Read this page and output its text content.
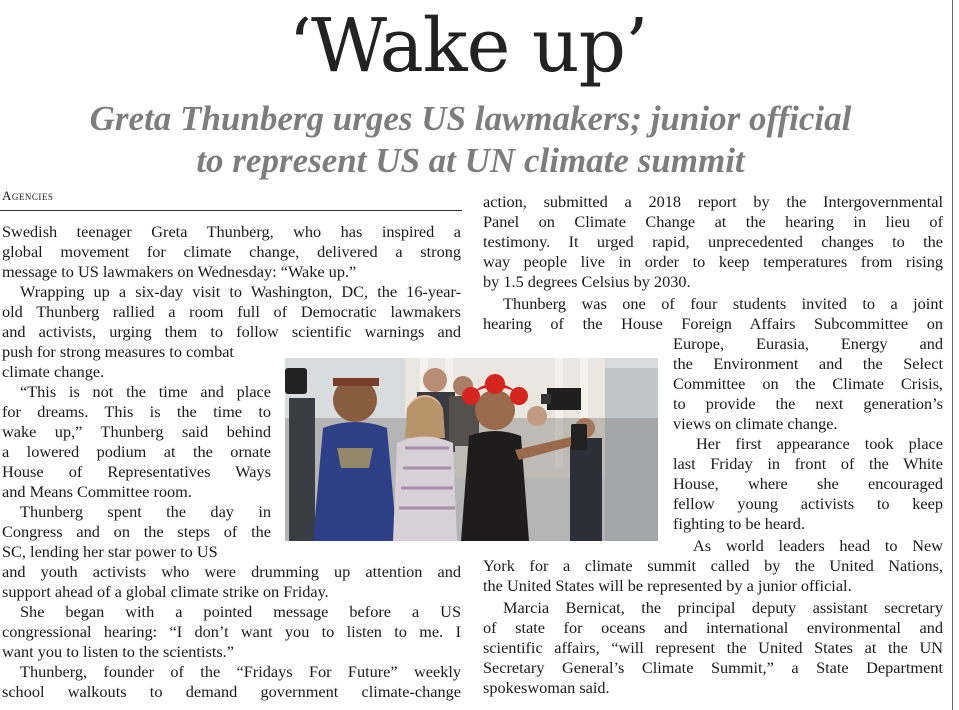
‘Wake up’
Greta Thunberg urges US lawmakers; junior official
to represent US at UN climate summit
Agencies
Swedish teenager Greta Thunberg, who has inspired a
global movement for climate change, delivered a strong
message to US lawmakers on Wednesday: “Wake up.”
Wrapping up a six-day visit to Washington, DC, the 16-year-
old Thunberg rallied a room full of Democratic lawmakers
and activists, urging them to follow scientific warnings and
push for strong measures to combat
climate change.
“This is not the time and place
for dreams. This is the time to
wake up,” Thunberg said behind
a lowered podium at the ornate
House of Representatives Ways
and Means Committee room.
Thunberg spent the day in
Congress and on the steps of the
SC, lending her star power to US
and youth activists who were drumming up attention and
support ahead of a global climate strike on Friday.
She began with a pointed message before a US
congressional hearing: “I don’t want you to listen to me. I
want you to listen to the scientists.”
Thunberg, founder of the “Fridays For Future” weekly
school walkouts to demand government climate-change
action, submitted a 2018 report by the Intergovernmental
Panel on Climate Change at the hearing in lieu of
testimony. It urged rapid, unprecedented changes to the
way people live in order to keep temperatures from rising
by 1.5 degrees Celsius by 2030.
Thunberg was one of four students invited to a joint
hearing of the House Foreign Affairs Subcommittee on
Europe, Eurasia, Energy and
the Environment and the Select
Committee on the Climate Crisis,
to provide the next generation’s
views on climate change.
Her first appearance took place
last Friday in front of the White
House, where she encouraged
fellow young activists to keep
fighting to be heard.
As world leaders head to New
York for a climate summit called by the United Nations,
the United States will be represented by a junior official.
Marcia Bernicat, the principal deputy assistant secretary
of state for oceans and international environmental and
scientific affairs, “will represent the United States at the UN
Secretary General’s Climate Summit,” a State Department
spokeswoman said.
